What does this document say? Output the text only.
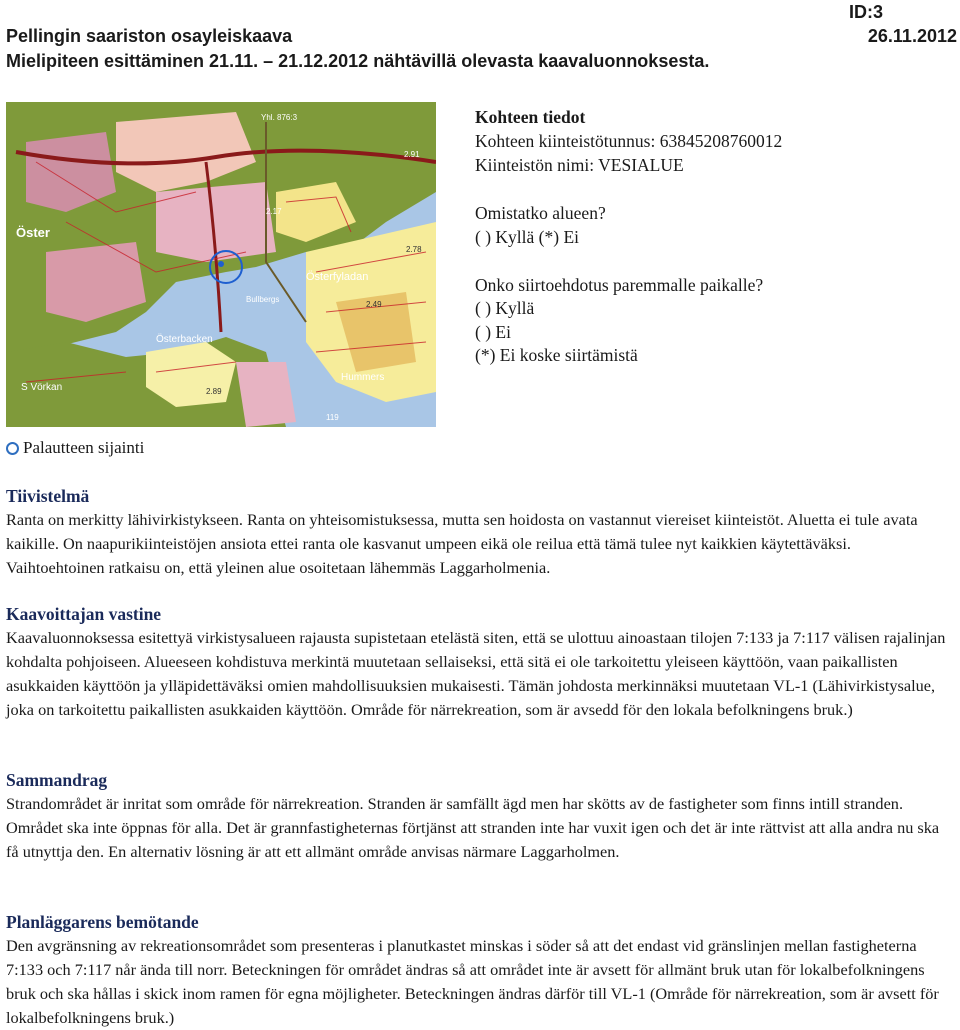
Pellingin saariston osayleiskaava
Mielipiteen esittäminen 21.11. – 21.12.2012 nähtävillä olevasta kaavaluonnoksesta.
ID:3
26.11.2012
Öster
Österfyladan
Österbacken
Hummers
Bullbergs
S Vörkan
Yhl. 876:3
2.91
2.78
2.49
2.89
2.17
119
Kohteen tiedot
Kohteen kiinteistötunnus: 63845208760012
Kiinteistön nimi: VESIALUE
Omistatko alueen?
( ) Kyllä (*) Ei
Onko siirtoehdotus paremmalle paikalle?
( ) Kyllä
( ) Ei
(*) Ei koske siirtämistä
Palautteen sijainti
Tiivistelmä

Ranta on merkitty lähivirkistykseen. Ranta on yhteisomistuksessa, mutta sen hoidosta on vastannut viereiset kiinteistöt. Aluetta ei tule avata kaikille. On naapurikiinteistöjen ansiota ettei ranta ole kasvanut umpeen eikä ole reilua että tämä tulee nyt kaikkien käytettäväksi. Vaihtoehtoinen ratkaisu on, että yleinen alue osoitetaan lähemmäs Laggarholmenia.

Kaavoittajan vastine

Kaavaluonnoksessa esitettyä virkistysalueen rajausta supistetaan etelästä siten, että se ulottuu ainoastaan tilojen 7:133 ja 7:117 välisen rajalinjan kohdalta pohjoiseen. Alueeseen kohdistuva merkintä muutetaan sellaiseksi, että sitä ei ole tarkoitettu yleiseen käyttöön, vaan paikallisten asukkaiden käyttöön ja ylläpidettäväksi omien mahdollisuuksien mukaisesti. Tämän johdosta merkinnäksi muutetaan VL-1 (Lähivirkistysalue, joka on tarkoitettu paikallisten asukkaiden käyttöön. Område för närrekreation, som är avsedd för den lokala befolkningens bruk.)

Sammandrag

Strandområdet är inritat som område för närrekreation. Stranden är samfällt ägd men har skötts av de fastigheter som finns intill stranden. Området ska inte öppnas för alla. Det är grannfastigheternas förtjänst att stranden inte har vuxit igen och det är inte rättvist att alla andra nu ska få utnyttja den. En alternativ lösning är att ett allmänt område anvisas närmare Laggarholmen.

Planläggarens bemötande

Den avgränsning av rekreationsområdet som presenteras i planutkastet minskas i söder så att det endast vid gränslinjen mellan fastigheterna 7:133 och 7:117 når ända till norr. Beteckningen för området ändras så att området inte är avsett för allmänt bruk utan för lokalbefolkningens bruk och ska hållas i skick inom ramen för egna möjligheter. Beteckningen ändras därför till VL-1 (Område för närrekreation, som är avsett för lokalbefolkningens bruk.)
